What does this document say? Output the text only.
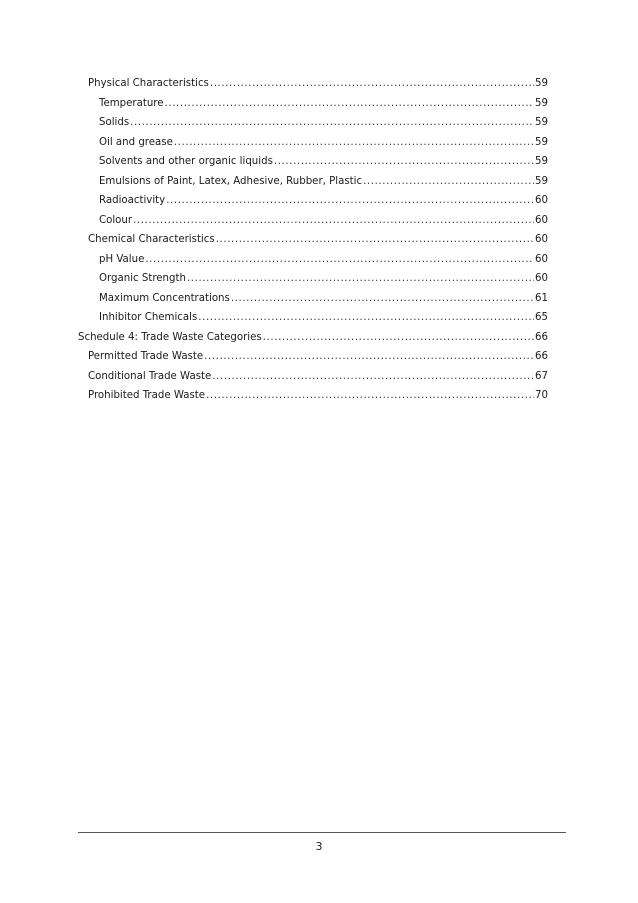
Physical Characteristics .....	59
Temperature .....	59
Solids .....	59
Oil and grease .....	59
Solvents and other organic liquids .....	59
Emulsions of Paint, Latex, Adhesive, Rubber, Plastic .....	59
Radioactivity .....	60
Colour .....	60
Chemical Characteristics .....	60
pH Value .....	60
Organic Strength .....	60
Maximum Concentrations .....	61
Inhibitor Chemicals .....	65
Schedule 4: Trade Waste Categories .....	66
Permitted Trade Waste .....	66
Conditional Trade Waste .....	67
Prohibited Trade Waste .....	70
3
